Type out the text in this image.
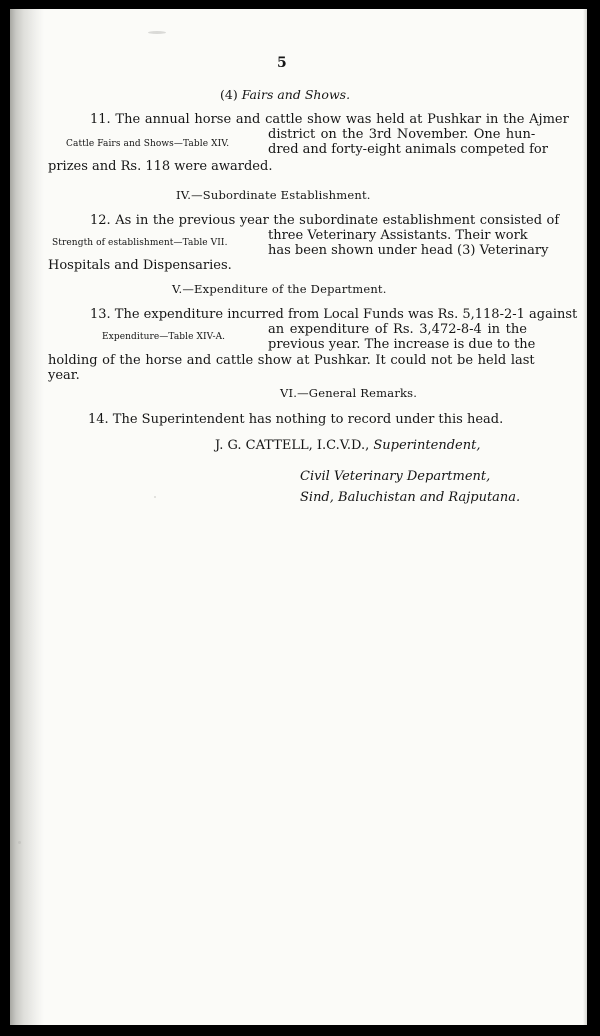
5
(4) Fairs and Shows.
11. The annual horse and cattle show was held at Pushkar in the Ajmer
Cattle Fairs and Shows—Table XIV.
district on the 3rd November. One hun-
dred and forty-eight animals competed for
prizes and Rs. 118 were awarded.
IV.—Subordinate Establishment.
12. As in the previous year the subordinate establishment consisted of
three Veterinary Assistants. Their work
Strength of establishment—Table VII.	has been shown under head (3) Veterinary
Hospitals and Dispensaries.
V.—Expenditure of the Department.
13. The expenditure incurred from Local Funds was Rs. 5,118-2-1 against
an expenditure of Rs. 3,472-8-4 in the
Expenditure—Table XIV-A.	previous year. The increase is due to the
holding of the horse and cattle show at Pushkar. It could not be held last
year.
VI.—General Remarks.
14. The Superintendent has nothing to record under this head.
J. G. CATTELL, I.C.V.D., Superintendent,
Civil Veterinary Department,
Sind, Baluchistan and Rajputana.
